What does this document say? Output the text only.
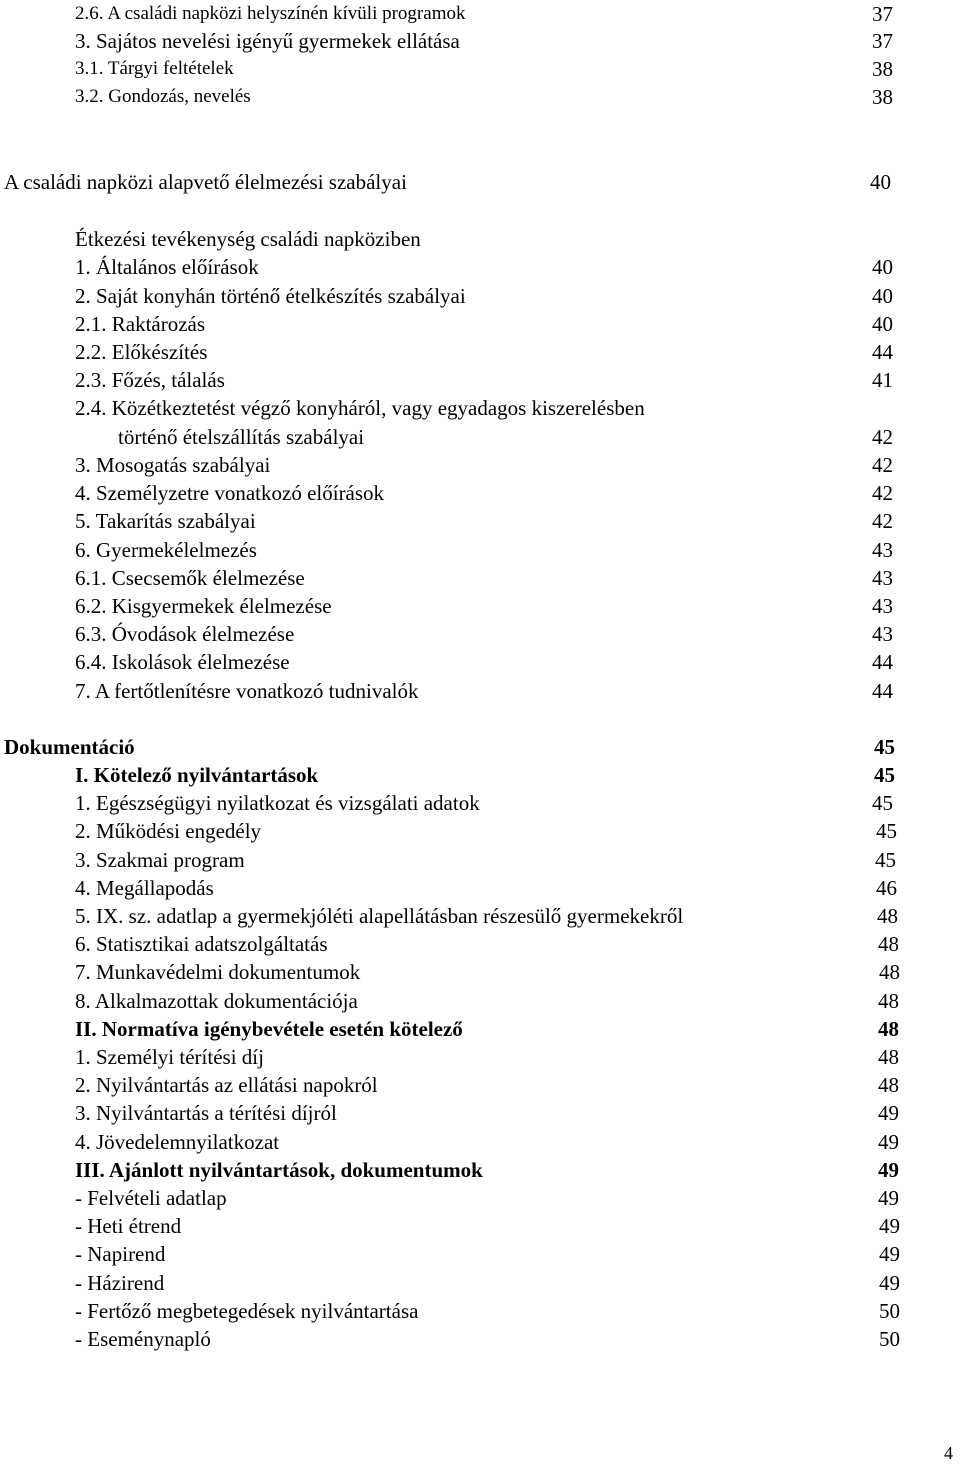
2.6. A családi napközi helyszínén kívüli programok	37
3. Sajátos nevelési igényű gyermekek ellátása	37
3.1. Tárgyi feltételek	38
3.2. Gondozás, nevelés	38
A családi napközi alapvető élelmezési szabályai	40
Étkezési tevékenység családi napköziben
1. Általános előírások	40
2. Saját konyhán történő ételkészítés szabályai	40
2.1. Raktározás	40
2.2. Előkészítés	44
2.3. Főzés, tálalás	41
2.4. Közétkeztetést végző konyháról, vagy egyadagos kiszerelésben
történő ételszállítás szabályai	42
3. Mosogatás szabályai	42
4. Személyzetre vonatkozó előírások	42
5. Takarítás szabályai	42
6. Gyermekélelmezés	43
6.1. Csecsemők élelmezése	43
6.2. Kisgyermekek élelmezése	43
6.3. Óvodások élelmezése	43
6.4. Iskolások élelmezése	44
7. A fertőtlenítésre vonatkozó tudnivalók	44
Dokumentáció	45
I. Kötelező nyilvántartások	45
1. Egészségügyi nyilatkozat és vizsgálati adatok	45
2. Működési engedély	45
3. Szakmai program	45
4. Megállapodás	46
5. IX. sz. adatlap a gyermekjóléti alapellátásban részesülő gyermekekről	48
6. Statisztikai adatszolgáltatás	48
7. Munkavédelmi dokumentumok	48
8. Alkalmazottak dokumentációja	48
II. Normatíva igénybevétele esetén kötelező	48
1. Személyi térítési díj	48
2. Nyilvántartás az ellátási napokról	48
3. Nyilvántartás a térítési díjról	49
4. Jövedelemnyilatkozat	49
III. Ajánlott nyilvántartások, dokumentumok	49
- Felvételi adatlap	49
- Heti étrend	49
- Napirend	49
- Házirend	49
- Fertőző megbetegedések nyilvántartása	50
- Eseménynapló	50
4
